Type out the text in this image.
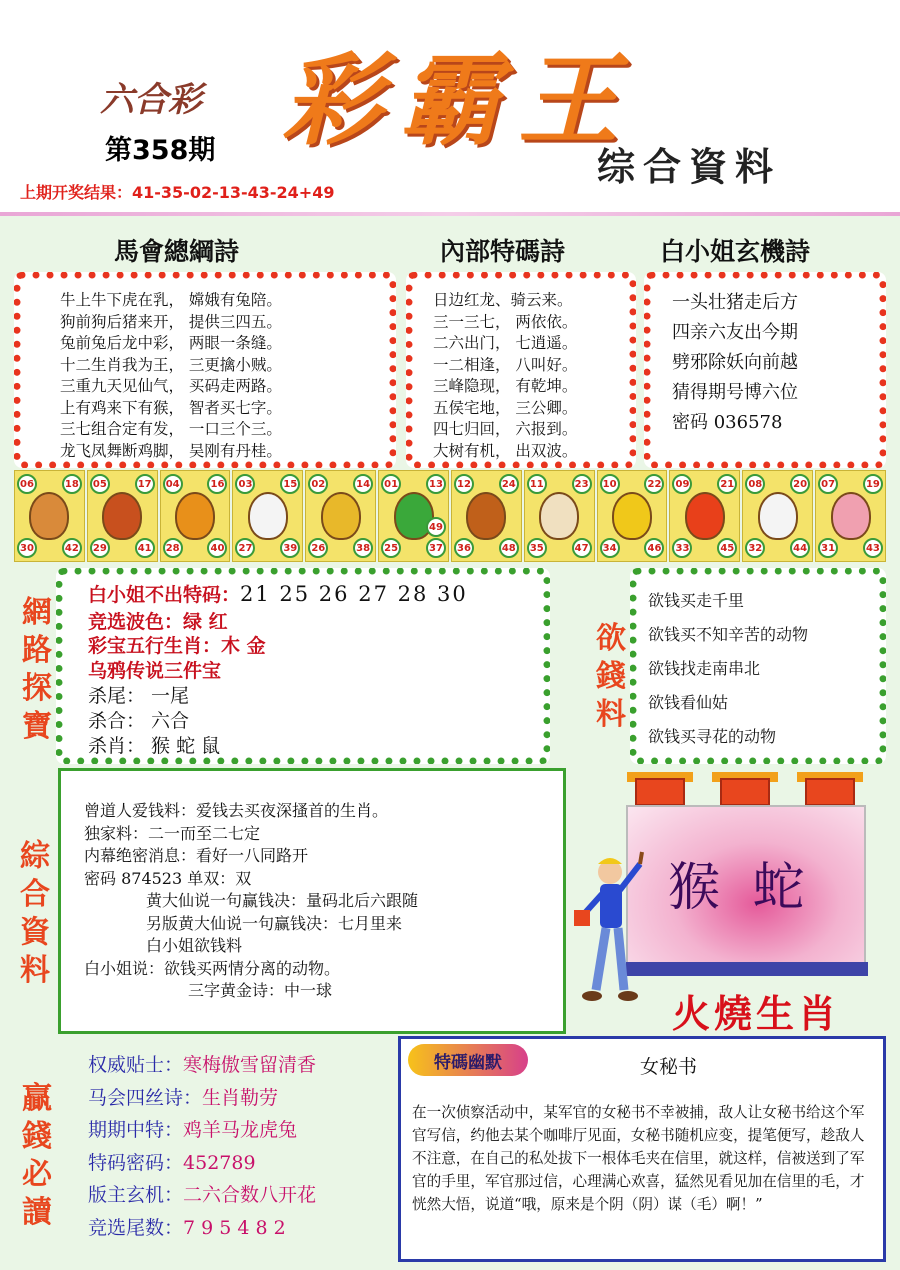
六合彩 彩霸王
第358期	综合資料
上期开奖结果：41-35-02-13-43-24+49
馬會總綱詩	內部特碼詩	白小姐玄機詩
牛上牛下虎在乳， 嫦娥有兔陪。
狗前狗后猪来开， 提供三四五。
兔前兔后龙中彩， 两眼一条缝。
十二生肖我为王， 三更擒小贼。
三重九天见仙气， 买码走两路。
上有鸡来下有猴， 智者买七字。
三七组合定有发， 一口三个三。
龙飞凤舞断鸡脚， 吴刚有丹桂。
日边红龙、骑云来。
三一三七， 两依依。
二六出门， 七逍遥。
一二相逢， 八叫好。
三峰隐现， 有乾坤。
五侯宅地， 三公卿。
四七归回， 六报到。
大树有机， 出双波。
一头壮猪走后方
四亲六友出今期
劈邪除妖向前越
猜得期号博六位
密码 036578
06	18
30	42
05	17
29	41
04	16
28	40
03	15
27	39
02	14
26	38
01	13
25	37
49
12	24
36	48
11	23
35	47
10	22
34	46
09	21
33	45
08	20
32	44
07	19
31	43
網
路
探
寶
白小姐不出特码：21 25 26 27 28 30
竞选波色：绿 红
彩宝五行生肖：木 金
乌鸦传说三件宝
杀尾： 一尾
杀合： 六合
杀肖： 猴 蛇 鼠
欲
錢
料
欲钱买走千里
欲钱买不知辛苦的动物
欲钱找走南串北
欲钱看仙姑
欲钱买寻花的动物
綜
合
資
料
曾道人爱钱料：爱钱去买夜深搔首的生肖。
独家料：二一而至二七定
内幕绝密消息：看好一八同路开
密码 874523 单双：双
黄大仙说一句赢钱决：量码北后六跟随
另版黄大仙说一句赢钱决：七月里来
白小姐欲钱料
白小姐说：欲钱买两情分离的动物。
三字黄金诗：中一球
猴 蛇
火燒生肖
贏
錢
必
讀
权威贴士：寒梅傲雪留清香
马会四丝诗：生肖勒劳
期期中特：鸡羊马龙虎兔
特码密码：452789
版主玄机：二六合数八开花
竞选尾数：7 9 5 4 8 2
特碼幽默	女秘书
在一次侦察活动中，某军官的女秘书不幸被捕，敌人让女秘书给这个军官写信，约他去某个咖啡厅见面，女秘书随机应变，提笔便写，趁敌人不注意，在自己的私处拔下一根体毛夹在信里，就这样，信被送到了军官的手里，军官那过信，心理满心欢喜，猛然见看见加在信里的毛，才恍然大悟，说道“哦，原来是个阴（阴）谋（毛）啊！”
